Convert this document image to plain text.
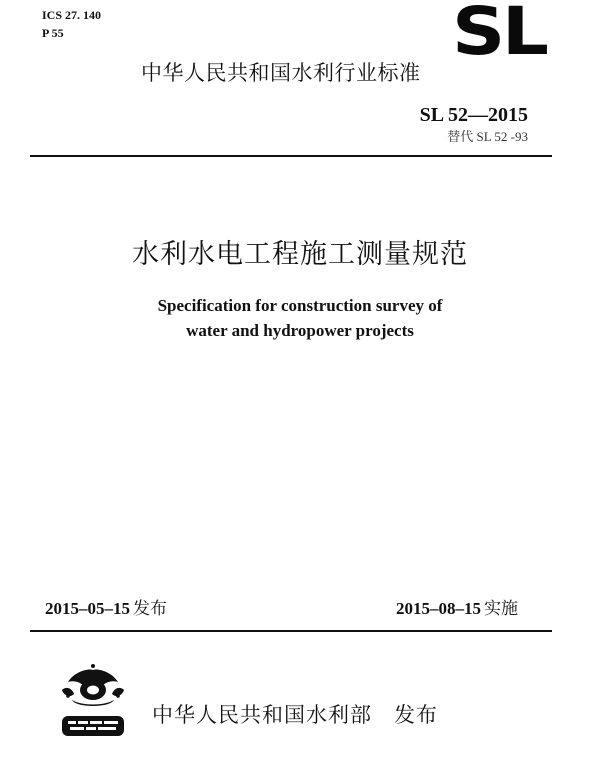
ICS 27. 140
P 55	SL
中华人民共和国水利行业标准
SL 52—2015
替代 SL 52 -93
水利水电工程施工测量规范
Specification for construction survey of
water and hydropower projects
2015–05–15 发布	2015–08–15 实施
中华人民共和国水利部 发布
